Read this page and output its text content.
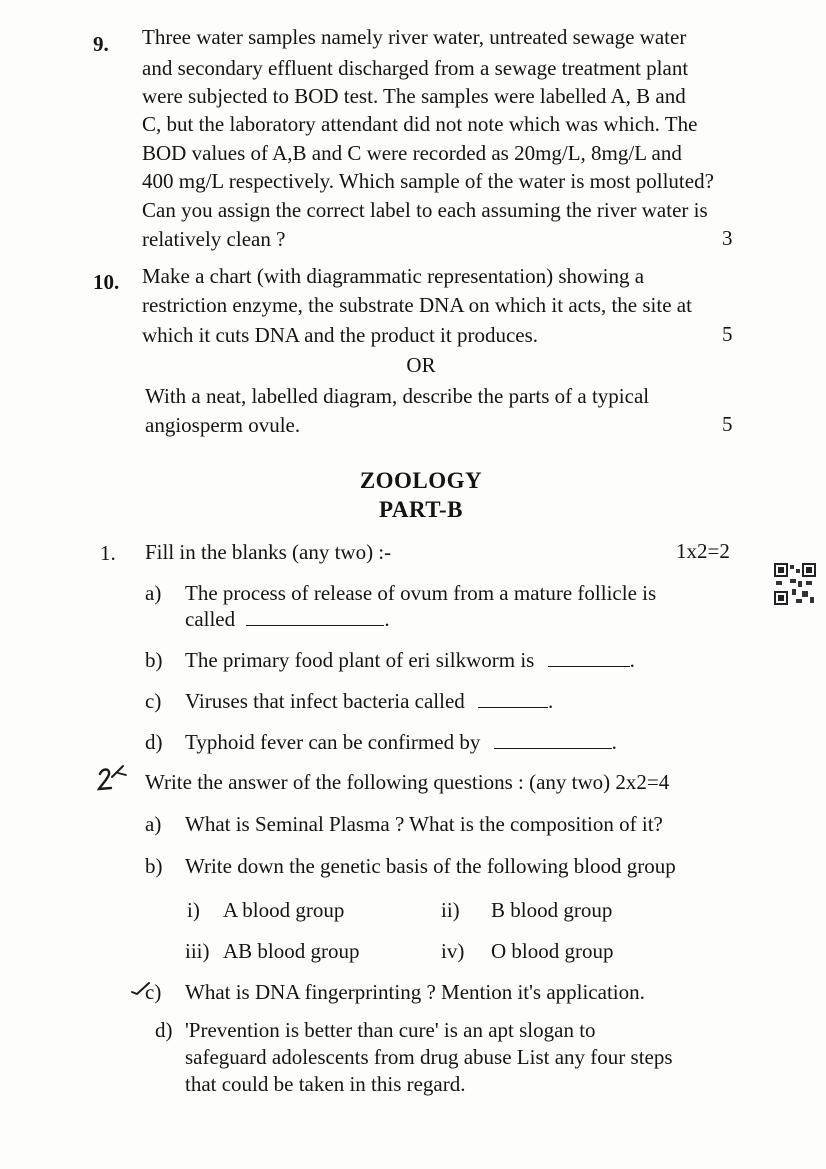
9. Three water samples namely river water, untreated sewage water
and secondary effluent discharged from a sewage treatment plant
were subjected to BOD test. The samples were labelled A, B and
C, but the laboratory attendant did not note which was which. The
BOD values of A,B and C were recorded as 20mg/L, 8mg/L and
400 mg/L respectively. Which sample of the water is most polluted?
Can you assign the correct label to each assuming the river water is
relatively clean ?	3
10. Make a chart (with diagrammatic representation) showing a
restriction enzyme, the substrate DNA on which it acts, the site at
which it cuts DNA and the product it produces.	5
OR
With a neat, labelled diagram, describe the parts of a typical
angiosperm ovule.	5
ZOOLOGY
PART-B
1. Fill in the blanks (any two) :-	1x2=2
a) The process of release of ovum from a mature follicle is
called	.
b) The primary food plant of eri silkworm is	.
c) Viruses that infect bacteria called	.
d) Typhoid fever can be confirmed by	.
Write the answer of the following questions : (any two) 2x2=4
a) What is Seminal Plasma ? What is the composition of it?
b) Write down the genetic basis of the following blood group
i) A blood group	ii) B blood group
iii) AB blood group	iv) O blood group
c) What is DNA fingerprinting ? Mention it's application.
d) 'Prevention is better than cure' is an apt slogan to
safeguard adolescents from drug abuse List any four steps
that could be taken in this regard.
